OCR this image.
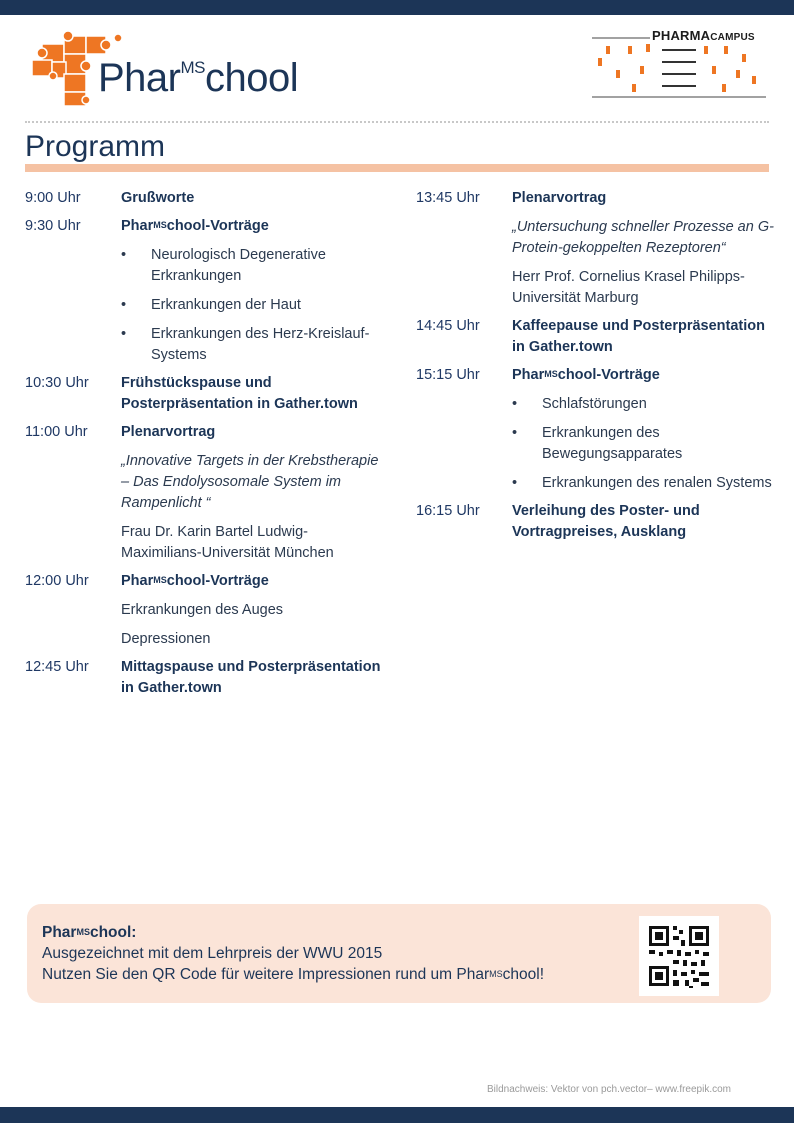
Phar$^{MS}$chool
PHARMACAMPUS
Programm
9:00 Uhr	Grußworte
9:30 Uhr	Phar$^{MS}$chool-Vorträge
•	Neurologisch Degenerative Erkrankungen
•	Erkrankungen der Haut
•	Erkrankungen des Herz-Kreislauf-Systems
10:30 Uhr	Frühstückspause und Posterpräsentation in Gather.town
11:00 Uhr	Plenarvortrag
„Innovative Targets in der Krebstherapie – Das Endolysosomale System im Rampenlicht “
Frau Dr. Karin Bartel Ludwig-Maximilians-Universität München
12:00 Uhr	Phar$^{MS}$chool-Vorträge
Erkrankungen des Auges
Depressionen
12:45 Uhr	Mittagspause und Posterpräsentation in Gather.town
13:45 Uhr	Plenarvortrag
„Untersuchung schneller Prozesse an G-Protein-gekoppelten Rezeptoren“
Herr Prof. Cornelius Krasel Philipps-Universität Marburg
14:45 Uhr	Kaffeepause und Posterpräsentation in Gather.town
15:15 Uhr	Phar$^{MS}$chool-Vorträge
•	Schlafstörungen
•	Erkrankungen des Bewegungsapparates
•	Erkrankungen des renalen Systems
16:15 Uhr	Verleihung des Poster- und Vortragpreises, Ausklang
Phar$^{MS}$chool:
Ausgezeichnet mit dem Lehrpreis der WWU 2015
Nutzen Sie den QR Code für weitere Impressionen rund um Phar$^{MS}$chool!
Bildnachweis: Vektor von pch.vector– www.freepik.com
